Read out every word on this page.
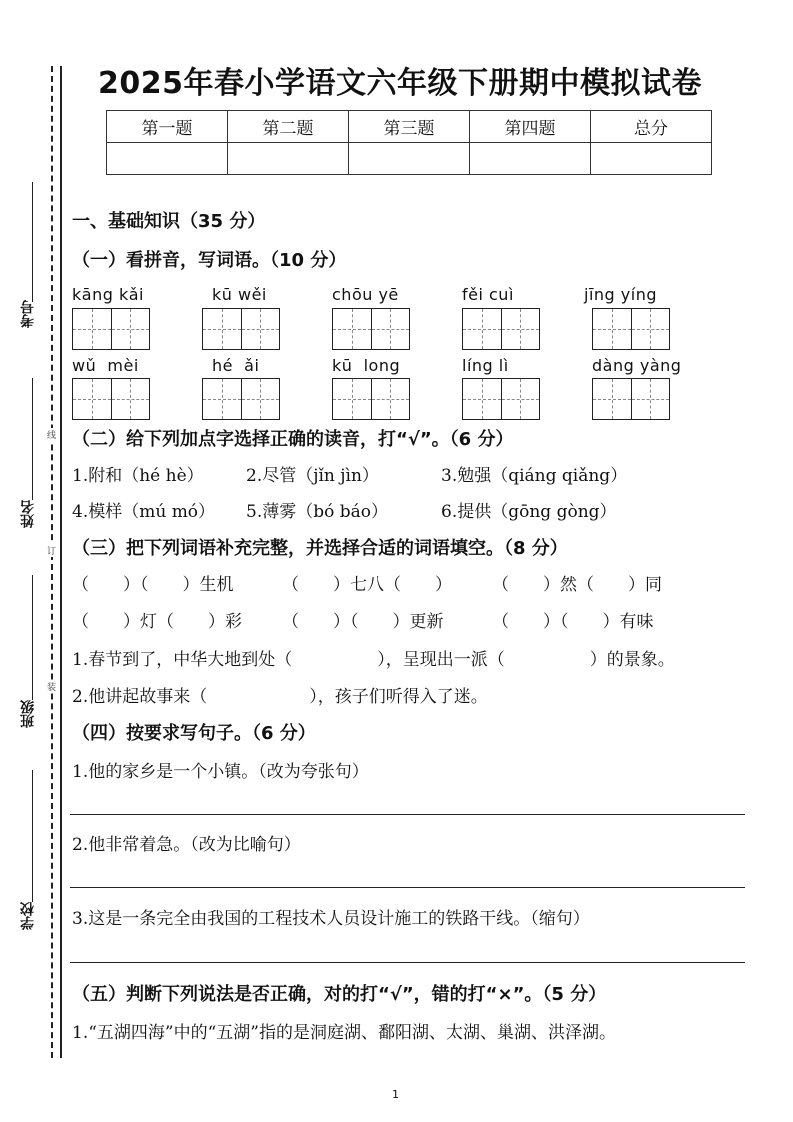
考号
姓名
班级
学校
线
订
装
2025年春小学语文六年级下册期中模拟试卷
第一题	第二题	第三题	第四题	总分

一、基础知识（35 分）
（一）看拼音，写词语。（10 分）
kāng kǎi	kū wěi	chōu yē	fěi cuì	jīng yíng
wǔ  mèi	hé  ǎi	kū  long	líng lì	dàng yàng
（二）给下列加点字选择正确的读音，打“√”。（6 分）
1.附和（hé hè） 2.尽管（jǐn jìn）	3.勉强（qiáng qiǎng）
4.模样（mú mó） 5.薄雾（bó báo）	6.提供（gōng gòng）
（三）把下列词语补充完整，并选择合适的词语填空。（8 分）
（　　）（　　）生机	（　　）七八（　　） （　　）然（　　）同
（　　）灯（　　）彩 （　　）（　　）更新	（　　）（　　）有味
1.春节到了，中华大地到处（　　　　　），呈现出一派（　　　　　）的景象。
2.他讲起故事来（　　　　　　），孩子们听得入了迷。
（四）按要求写句子。（6 分）
1.他的家乡是一个小镇。（改为夸张句）
2.他非常着急。（改为比喻句）
3.这是一条完全由我国的工程技术人员设计施工的铁路干线。（缩句）
（五）判断下列说法是否正确，对的打“√”，错的打“×”。（5 分）
1.“五湖四海”中的“五湖”指的是洞庭湖、鄱阳湖、太湖、巢湖、洪泽湖。
1
